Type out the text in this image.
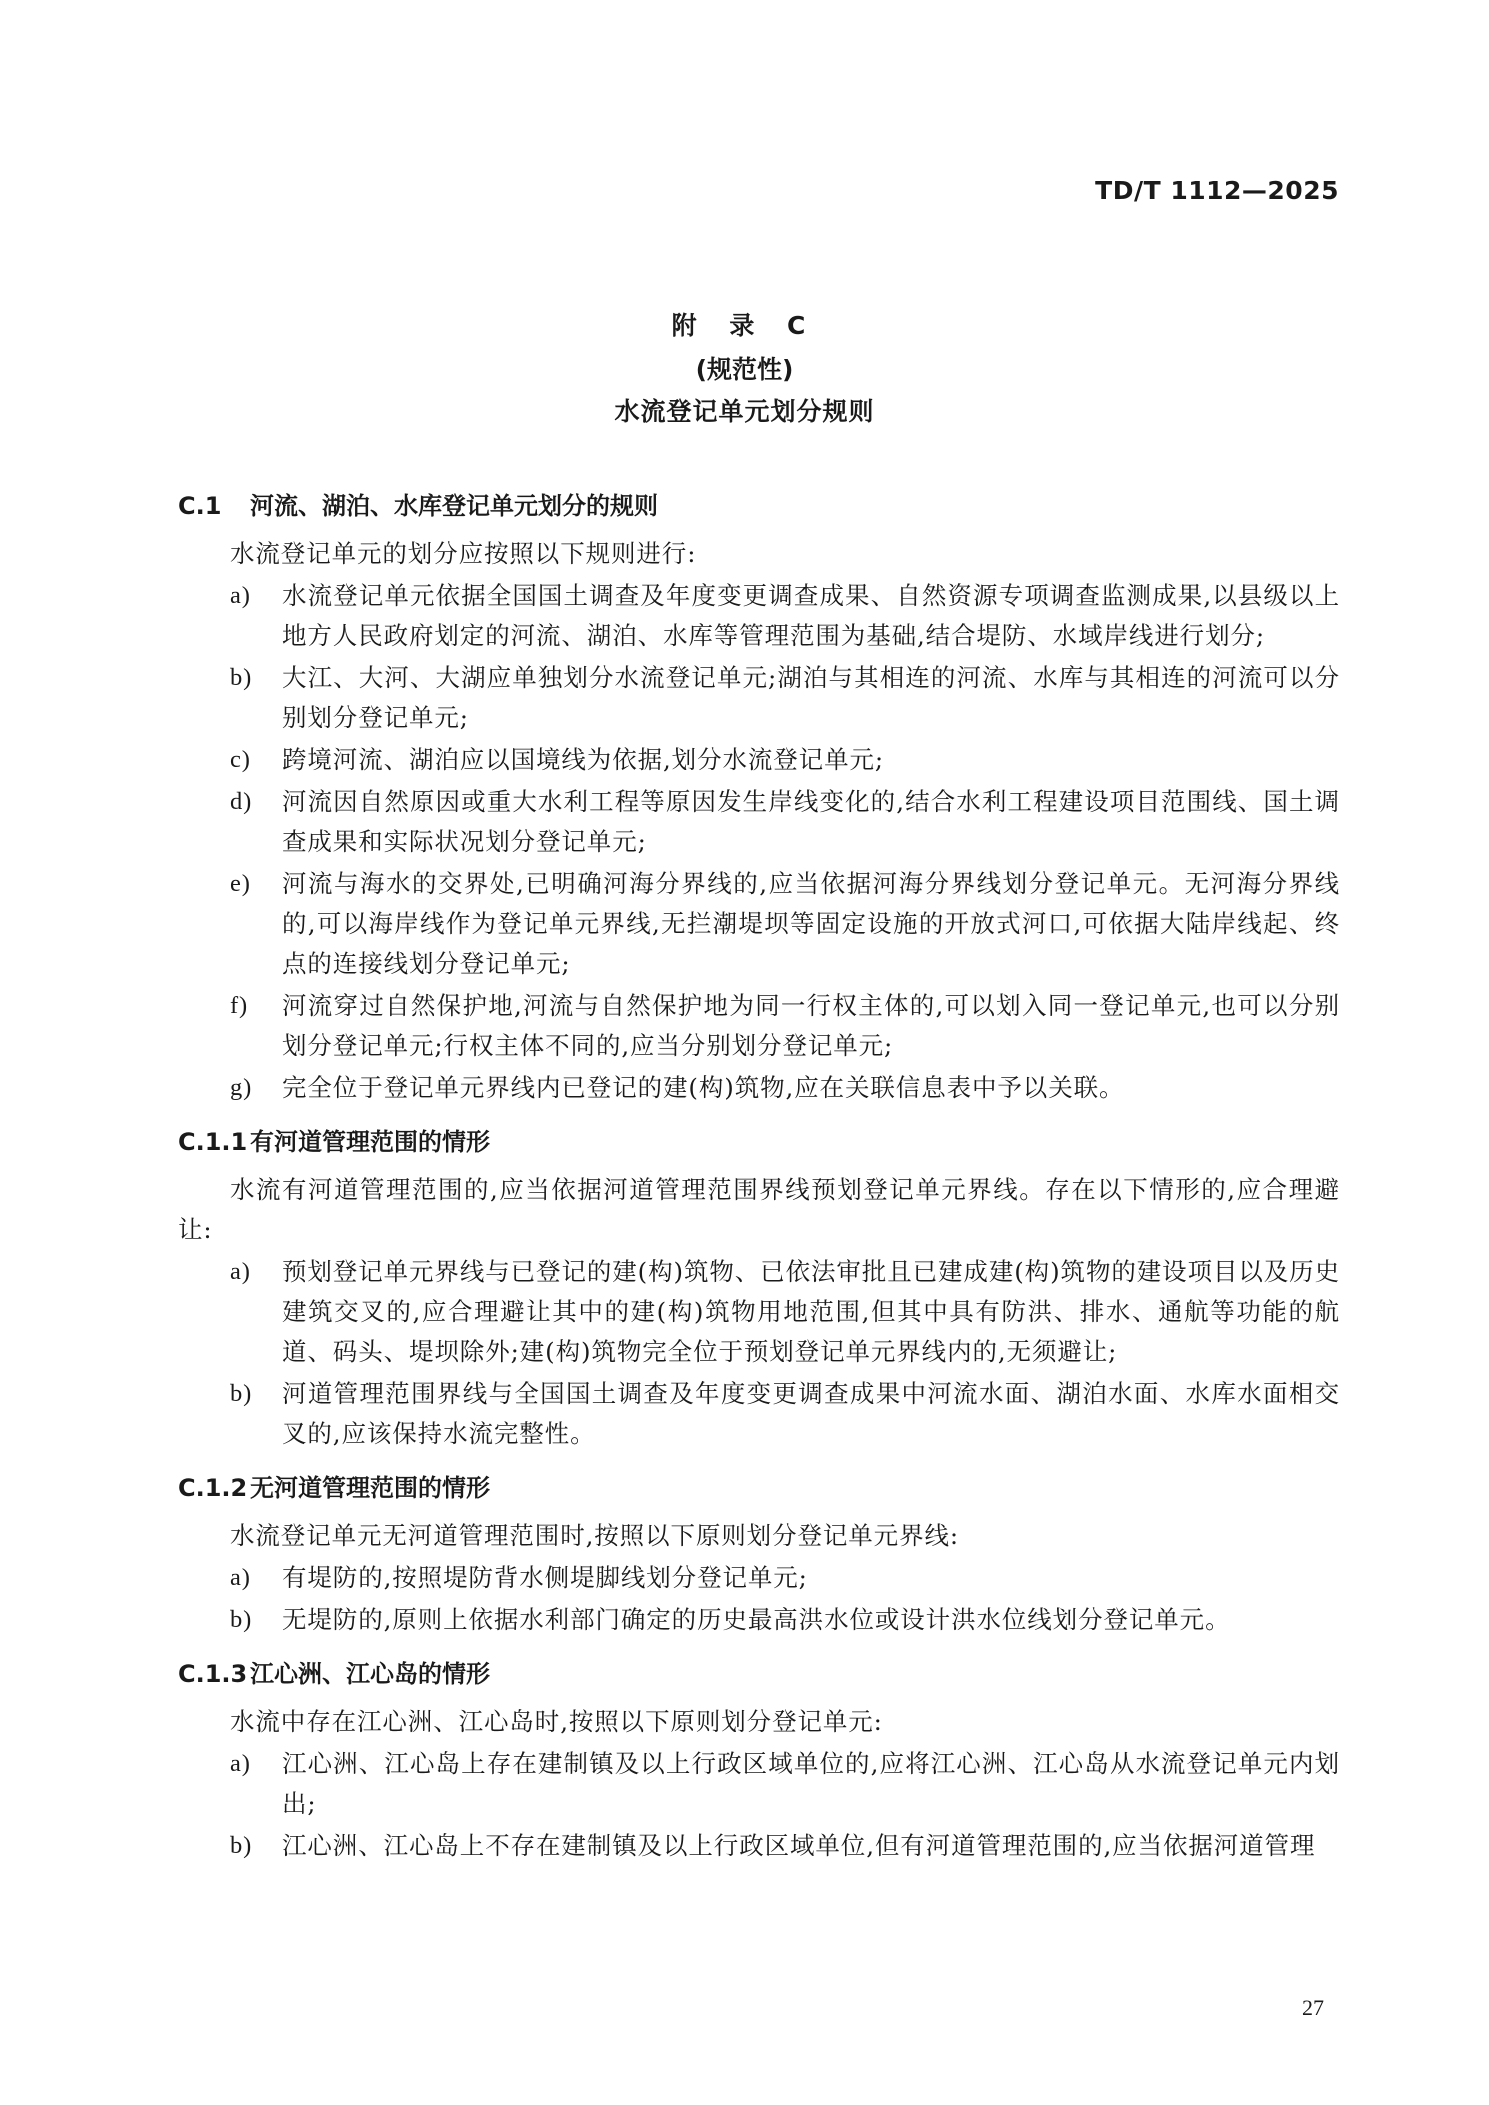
TD/T 1112—2025
附 录 C
(规范性)
水流登记单元划分规则
C.1 河流、湖泊、水库登记单元划分的规则

水流登记单元的划分应按照以下规则进行:

a) 水流登记单元依据全国国土调查及年度变更调查成果、自然资源专项调查监测成果,以县级以上地方人民政府划定的河流、湖泊、水库等管理范围为基础,结合堤防、水域岸线进行划分;
b) 大江、大河、大湖应单独划分水流登记单元;湖泊与其相连的河流、水库与其相连的河流可以分别划分登记单元;
c) 跨境河流、湖泊应以国境线为依据,划分水流登记单元;
d) 河流因自然原因或重大水利工程等原因发生岸线变化的,结合水利工程建设项目范围线、国土调查成果和实际状况划分登记单元;
e) 河流与海水的交界处,已明确河海分界线的,应当依据河海分界线划分登记单元。无河海分界线的,可以海岸线作为登记单元界线,无拦潮堤坝等固定设施的开放式河口,可依据大陆岸线起、终点的连接线划分登记单元;
f) 河流穿过自然保护地,河流与自然保护地为同一行权主体的,可以划入同一登记单元,也可以分别划分登记单元;行权主体不同的,应当分别划分登记单元;
g) 完全位于登记单元界线内已登记的建(构)筑物,应在关联信息表中予以关联。
C.1.1 有河道管理范围的情形

水流有河道管理范围的,应当依据河道管理范围界线预划登记单元界线。存在以下情形的,应合理避让:

a) 预划登记单元界线与已登记的建(构)筑物、已依法审批且已建成建(构)筑物的建设项目以及历史建筑交叉的,应合理避让其中的建(构)筑物用地范围,但其中具有防洪、排水、通航等功能的航道、码头、堤坝除外;建(构)筑物完全位于预划登记单元界线内的,无须避让;
b) 河道管理范围界线与全国国土调查及年度变更调查成果中河流水面、湖泊水面、水库水面相交叉的,应该保持水流完整性。
C.1.2 无河道管理范围的情形

水流登记单元无河道管理范围时,按照以下原则划分登记单元界线:

a) 有堤防的,按照堤防背水侧堤脚线划分登记单元;
b) 无堤防的,原则上依据水利部门确定的历史最高洪水位或设计洪水位线划分登记单元。
C.1.3 江心洲、江心岛的情形

水流中存在江心洲、江心岛时,按照以下原则划分登记单元:

a) 江心洲、江心岛上存在建制镇及以上行政区域单位的,应将江心洲、江心岛从水流登记单元内划出;
b) 江心洲、江心岛上不存在建制镇及以上行政区域单位,但有河道管理范围的,应当依据河道管理
27
